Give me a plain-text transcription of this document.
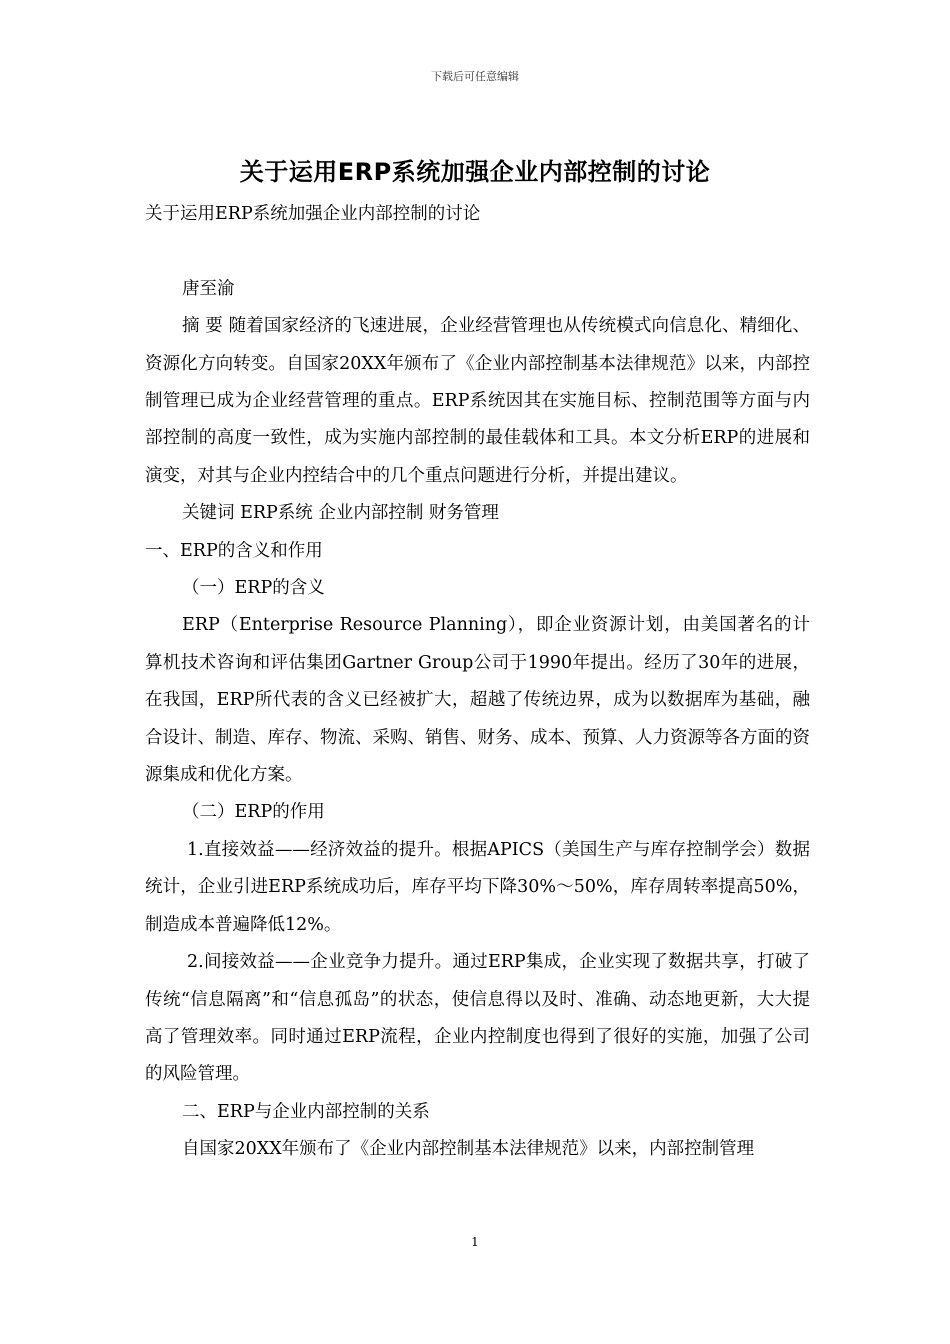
下载后可任意编辑
关于运用ERP系统加强企业内部控制的讨论

关于运用ERP系统加强企业内部控制的讨论

唐至渝

摘 要 随着国家经济的飞速进展，企业经营管理也从传统模式向信息化、精细化、资源化方向转变。自国家20XX年颁布了《企业内部控制基本法律规范》以来，内部控制管理已成为企业经营管理的重点。ERP系统因其在实施目标、控制范围等方面与内部控制的高度一致性，成为实施内部控制的最佳载体和工具。本文分析ERP的进展和演变，对其与企业内控结合中的几个重点问题进行分析，并提出建议。

关键词 ERP系统 企业内部控制 财务管理

一、ERP的含义和作用

（一）ERP的含义

ERP（Enterprise Resource Planning），即企业资源计划，由美国著名的计算机技术咨询和评估集团Gartner Group公司于1990年提出。经历了30年的进展，在我国，ERP所代表的含义已经被扩大，超越了传统边界，成为以数据库为基础，融合设计、制造、库存、物流、采购、销售、财务、成本、预算、人力资源等各方面的资源集成和优化方案。

（二）ERP的作用

1.直接效益——经济效益的提升。根据APICS（美国生产与库存控制学会）数据统计，企业引进ERP系统成功后，库存平均下降30%～50%，库存周转率提高50%，制造成本普遍降低12%。

2.间接效益——企业竞争力提升。通过ERP集成，企业实现了数据共享，打破了传统“信息隔离”和“信息孤岛”的状态，使信息得以及时、准确、动态地更新，大大提高了管理效率。同时通过ERP流程，企业内控制度也得到了很好的实施，加强了公司的风险管理。

二、ERP与企业内部控制的关系

自国家20XX年颁布了《企业内部控制基本法律规范》以来，内部控制管理

1
